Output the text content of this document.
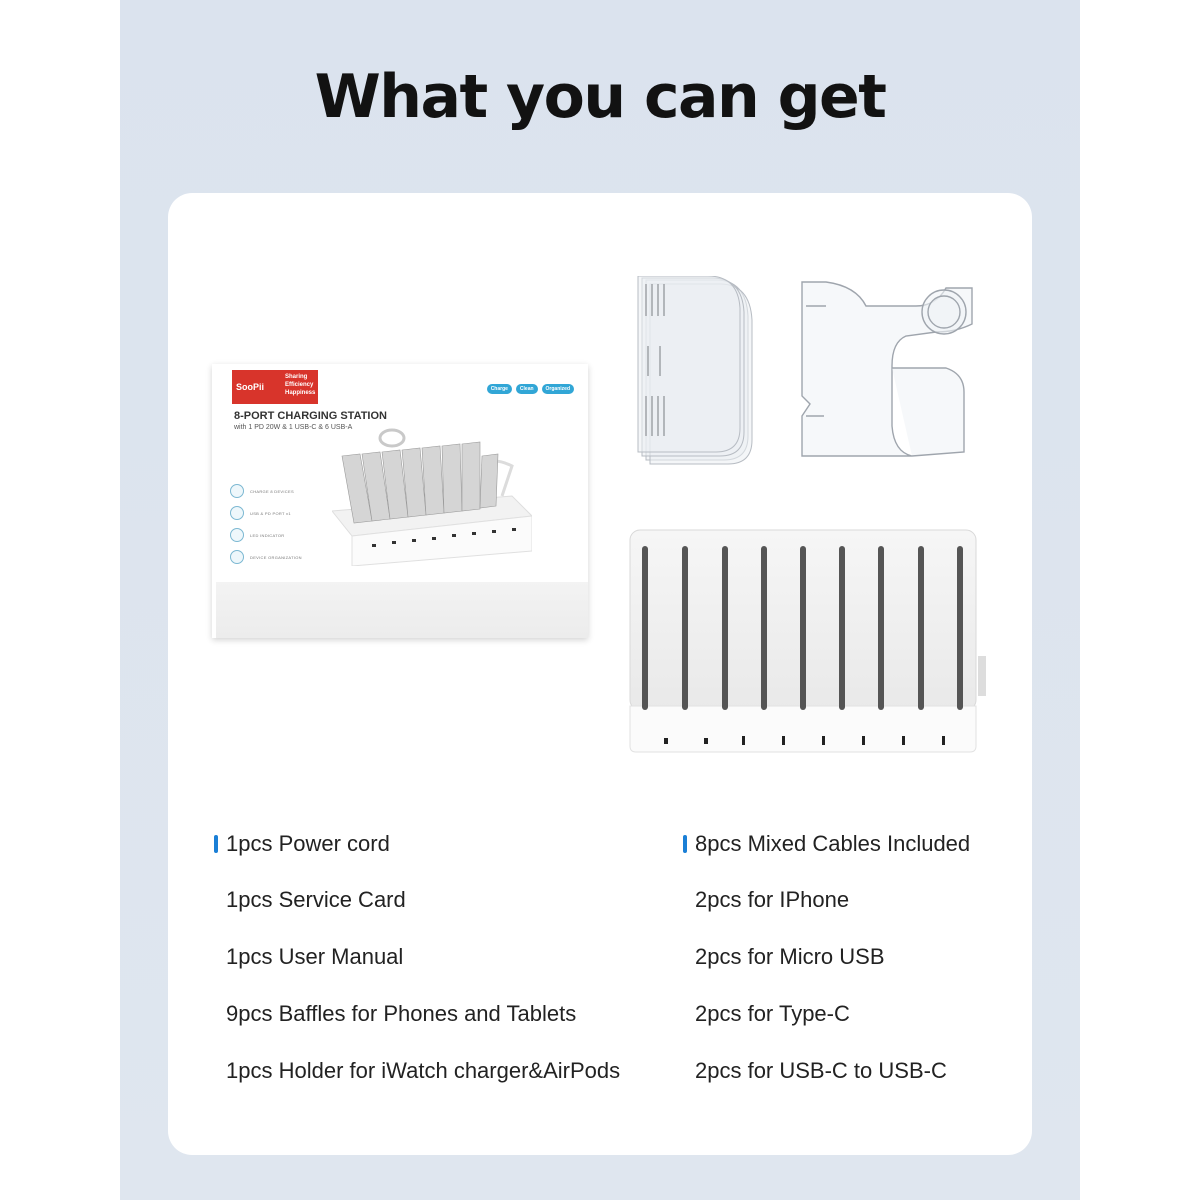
What you can get
SooPii
Sharing Efficiency Happiness
Charge	Clean	Organized
8-PORT CHARGING STATION
with 1 PD 20W & 1 USB-C & 6 USB-A
CHARGE 8 DEVICES
USB & PD PORT x1
LED INDICATOR
DEVICE ORGANIZATION
1pcs Power cord
1pcs Service Card
1pcs User Manual
9pcs Baffles for Phones and Tablets
1pcs Holder for iWatch charger&AirPods
8pcs Mixed Cables Included
2pcs for IPhone
2pcs for Micro USB
2pcs for Type-C
2pcs for USB-C to USB-C
